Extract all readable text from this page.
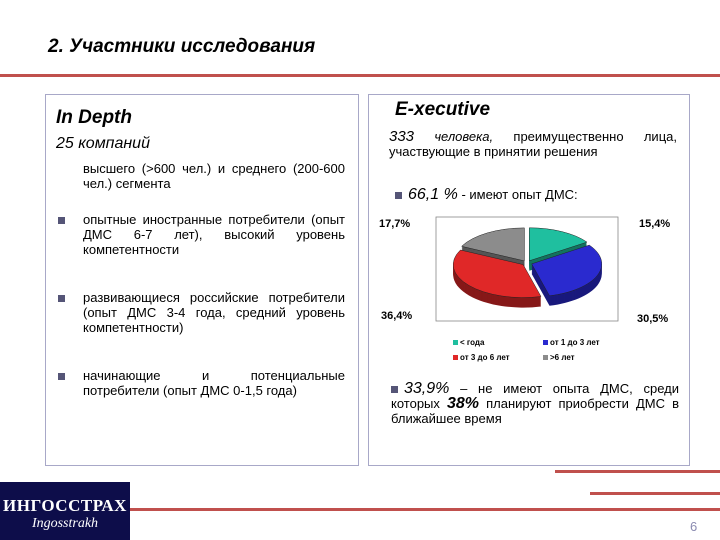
2. Участники исследования
In Depth
25 компаний
высшего (>600 чел.) и среднего (200-600 чел.) сегмента
опытные иностранные потребители (опыт ДМС 6-7 лет), высокий уровень компетентности
развивающиеся российские потребители (опыт ДМС 3-4 года, средний уровень компетентности)
начинающие и потенциальные потребители (опыт ДМС 0-1,5 года)
E-xecutive
333 человека, преимущественно лица, участвующие в принятии решения
66,1 % - имеют опыт ДМС:
17,7%	15,4%
36,4%	30,5%
< года	от 1 до 3 лет
от 3 до 6 лет	>6 лет
33,9% – не имеют опыта ДМС, среди которых 38% планируют приобрести ДМС в ближайшее время
ИНГОССТРАХ
Ingosstrakh	6
